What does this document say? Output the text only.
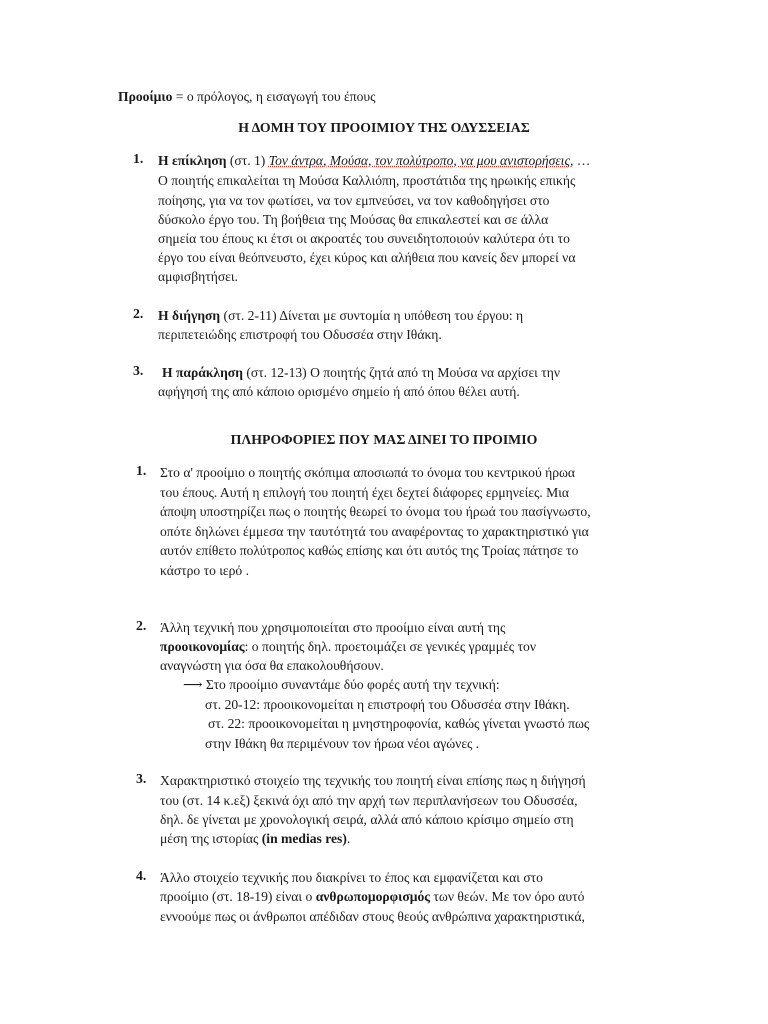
Προοίμιο = ο πρόλογος, η εισαγωγή του έπους
Η ΔΟΜΗ ΤΟΥ ΠΡΟΟΙΜΙΟΥ ΤΗΣ ΟΔΥΣΣΕΙΑΣ
1. Η επίκληση (στ. 1) Τον άντρα, Μούσα, τον πολύτροπο, να μου ανιστορήσεις, …
Ο ποιητής επικαλείται τη Μούσα Καλλιόπη, προστάτιδα της ηρωικής επικής
ποίησης, για να τον φωτίσει, να τον εμπνεύσει, να τον καθοδηγήσει στο
δύσκολο έργο του. Τη βοήθεια της Μούσας θα επικαλεστεί και σε άλλα
σημεία του έπους κι έτσι οι ακροατές του συνειδητοποιούν καλύτερα ότι το
έργο του είναι θεόπνευστο, έχει κύρος και αλήθεια που κανείς δεν μπορεί να
αμφισβητήσει.
2. Η διήγηση (στ. 2-11) Δίνεται με συντομία η υπόθεση του έργου: η
περιπετειώδης επιστροφή του Οδυσσέα στην Ιθάκη.
3. Η παράκληση (στ. 12-13) Ο ποιητής ζητά από τη Μούσα να αρχίσει την
αφήγησή της από κάποιο ορισμένο σημείο ή από όπου θέλει αυτή.
ΠΛΗΡΟΦΟΡΙΕΣ ΠΟΥ ΜΑΣ ΔΙΝΕΙ ΤΟ ΠΡΟΙΜΙΟ
1. Στο α' προοίμιο ο ποιητής σκόπιμα αποσιωπά το όνομα του κεντρικού ήρωα
του έπους. Αυτή η επιλογή του ποιητή έχει δεχτεί διάφορες ερμηνείες. Μια
άποψη υποστηρίζει πως ο ποιητής θεωρεί το όνομα του ήρωά του πασίγνωστο,
οπότε δηλώνει έμμεσα την ταυτότητά του αναφέροντας το χαρακτηριστικό για
αυτόν επίθετο πολύτροπος καθώς επίσης και ότι αυτός της Τροίας πάτησε το
κάστρο το ιερό .
2. Άλλη τεχνική που χρησιμοποιείται στο προοίμιο είναι αυτή της
προοικονομίας: ο ποιητής δηλ. προετοιμάζει σε γενικές γραμμές τον
αναγνώστη για όσα θα επακολουθήσουν.
⟶ Στο προοίμιο συναντάμε δύο φορές αυτή την τεχνική:
στ. 20-12: προοικονομείται η επιστροφή του Οδυσσέα στην Ιθάκη.
στ. 22: προοικονομείται η μνηστηροφονία, καθώς γίνεται γνωστό πως
στην Ιθάκη θα περιμένουν τον ήρωα νέοι αγώνες .
3. Χαρακτηριστικό στοιχείο της τεχνικής του ποιητή είναι επίσης πως η διήγησή
του (στ. 14 κ.εξ) ξεκινά όχι από την αρχή των περιπλανήσεων του Οδυσσέα,
δηλ. δε γίνεται με χρονολογική σειρά, αλλά από κάποιο κρίσιμο σημείο στη
μέση της ιστορίας (in medias res).
4. Άλλο στοιχείο τεχνικής που διακρίνει το έπος και εμφανίζεται και στο
προοίμιο (στ. 18-19) είναι ο ανθρωπομορφισμός των θεών. Με τον όρο αυτό
εννοούμε πως οι άνθρωποι απέδιδαν στους θεούς ανθρώπινα χαρακτηριστικά,
